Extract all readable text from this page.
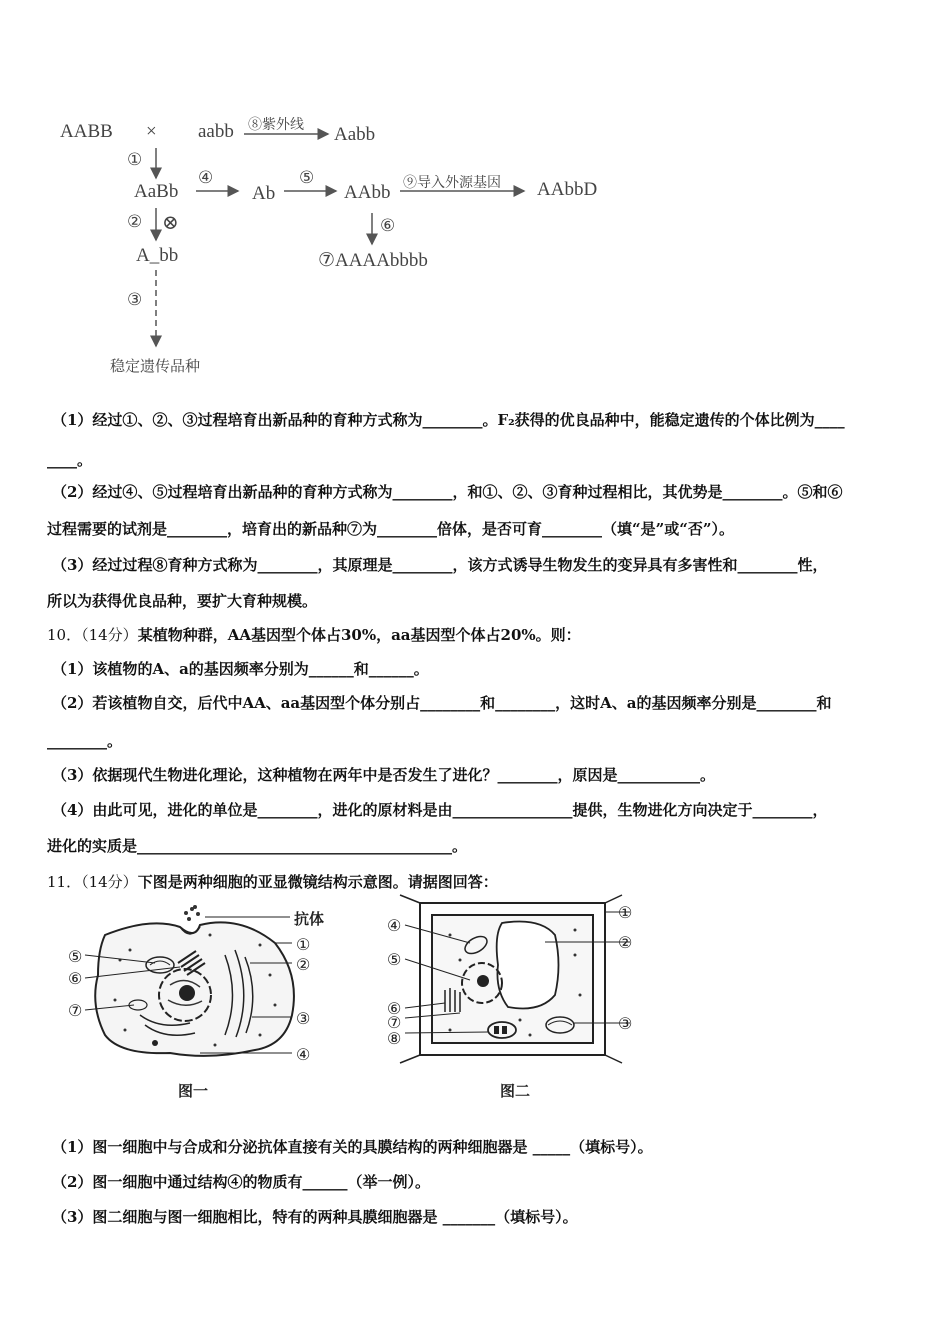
AABB × aabb ⑧紫外线 Aabb
①
AaBb
④
Ab
⑤
AAbb ⑨导入外源基因 AAbbD
② ⊗	⑥
A_bb	⑦AAAAbbbb
③
稳定遗传品种
（1）经过①、②、③过程培育出新品种的育种方式称为________。F₂获得的优良品种中，能稳定遗传的个体比例为____
____。
（2）经过④、⑤过程培育出新品种的育种方式称为________，和①、②、③育种过程相比，其优势是________。⑤和⑥
过程需要的试剂是________，培育出的新品种⑦为________倍体，是否可育________（填“是”或“否”）。
（3）经过过程⑧育种方式称为________，其原理是________，该方式诱导生物发生的变异具有多害性和________性，
所以为获得优良品种，要扩大育种规模。
10．（14分）某植物种群，AA基因型个体占30%，aa基因型个体占20%。则：
（1）该植物的A、a的基因频率分别为______和______。
（2）若该植物自交，后代中AA、aa基因型个体分别占________和________，这时A、a的基因频率分别是________和
________。
（3）依据现代生物进化理论，这种植物在两年中是否发生了进化？________，原因是___________。
（4）由此可见，进化的单位是________，进化的原材料是由________________提供，生物进化方向决定于________，
进化的实质是__________________________________________。
11．（14分）下图是两种细胞的亚显微镜结构示意图。请据图回答：
抗体
①
②
③
④
⑤
⑥
⑦
图一
①
②
③
④
⑤
⑥
⑦
⑧
图二
（1）图一细胞中与合成和分泌抗体直接有关的具膜结构的两种细胞器是 _____（填标号）。
（2）图一细胞中通过结构④的物质有______（举一例）。
（3）图二细胞与图一细胞相比，特有的两种具膜细胞器是 _______（填标号）。
